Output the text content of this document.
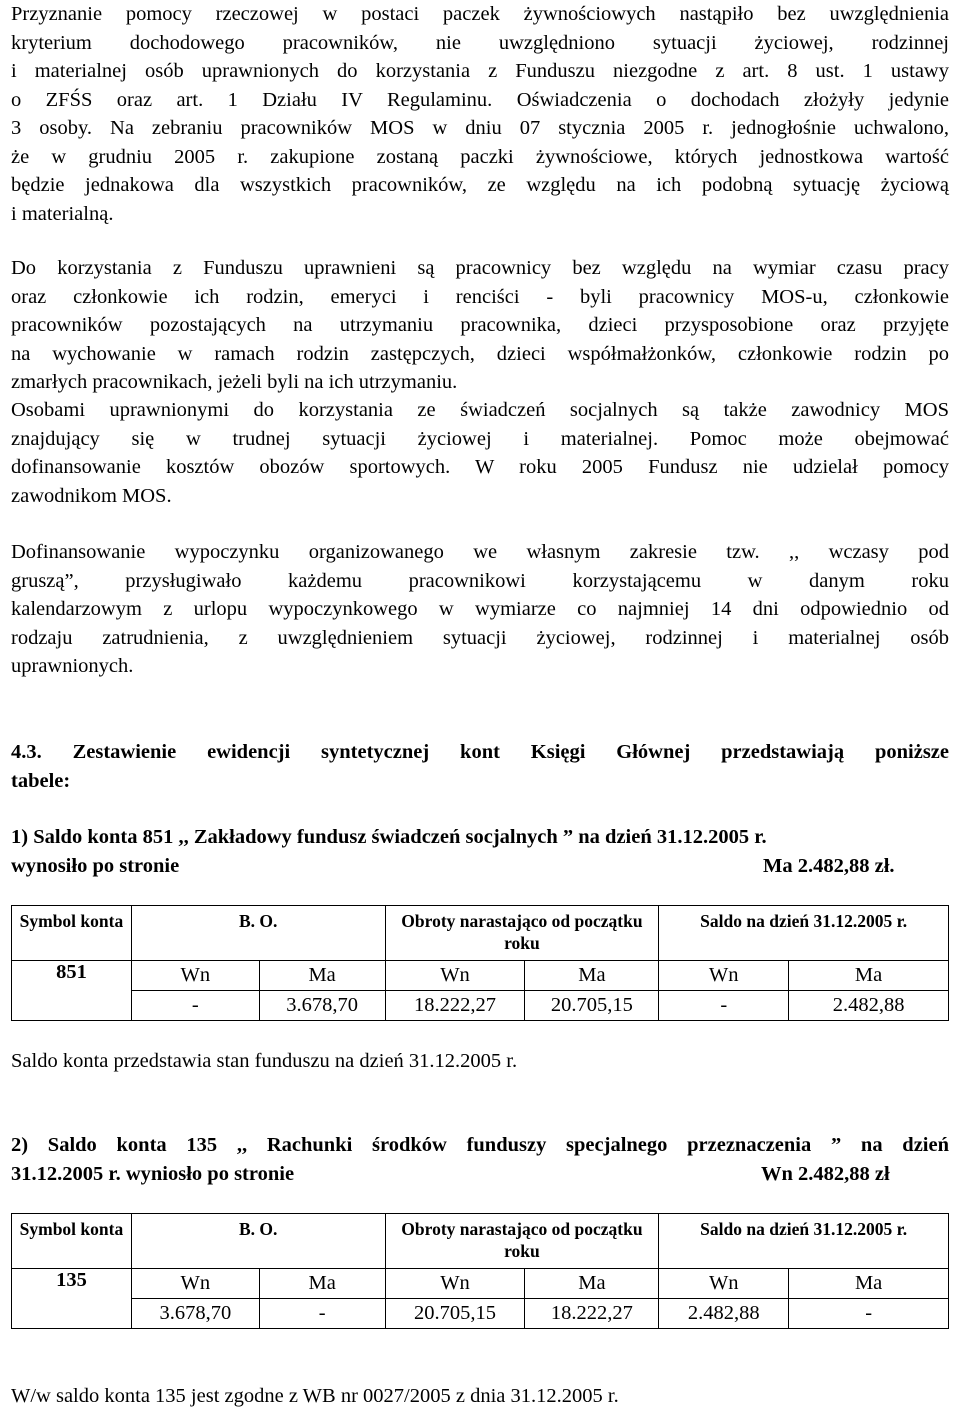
Przyznanie pomocy rzeczowej w postaci paczek żywnościowych nastąpiło bez uwzględnienia
kryterium dochodowego pracowników, nie uwzględniono sytuacji życiowej, rodzinnej
i materialnej osób uprawnionych do korzystania z Funduszu niezgodne z art. 8 ust. 1 ustawy
o ZFŚS oraz art. 1 Działu IV Regulaminu. Oświadczenia o dochodach złożyły jedynie
3 osoby. Na zebraniu pracowników MOS w dniu 07 stycznia 2005 r. jednogłośnie uchwalono,
że w grudniu 2005 r. zakupione zostaną paczki żywnościowe, których jednostkowa wartość
będzie jednakowa dla wszystkich pracowników, ze względu na ich podobną sytuację życiową
i materialną.
Do korzystania z Funduszu uprawnieni są pracownicy bez względu na wymiar czasu pracy
oraz członkowie ich rodzin, emeryci i renciści - byli pracownicy MOS-u, członkowie
pracowników pozostających na utrzymaniu pracownika, dzieci przysposobione oraz przyjęte
na wychowanie w ramach rodzin zastępczych, dzieci współmałżonków, członkowie rodzin po
zmarłych pracownikach, jeżeli byli na ich utrzymaniu.
Osobami uprawnionymi do korzystania ze świadczeń socjalnych są także zawodnicy MOS
znajdujący się w trudnej sytuacji życiowej i materialnej. Pomoc może obejmować
dofinansowanie kosztów obozów sportowych. W roku 2005 Fundusz nie udzielał pomocy
zawodnikom MOS.
Dofinansowanie wypoczynku organizowanego we własnym zakresie tzw. ,, wczasy pod
gruszą”, przysługiwało każdemu pracownikowi korzystającemu w danym roku
kalendarzowym z urlopu wypoczynkowego w wymiarze co najmniej 14 dni odpowiednio od
rodzaju zatrudnienia, z uwzględnieniem sytuacji życiowej, rodzinnej i materialnej osób
uprawnionych.
4.3. Zestawienie ewidencji syntetycznej kont Księgi Głównej przedstawiają poniższe
tabele:
1) Saldo konta 851 ,, Zakładowy fundusz świadczeń socjalnych ” na dzień 31.12.2005 r.
wynosiło po stronie	Ma 2.482,88 zł.
Symbol konta	B. O.		Obroty narastająco od początku roku		Saldo na dzień 31.12.2005 r.	
851	Wn	Ma	Wn	Ma	Wn	Ma
	-	3.678,70	18.222,27	20.705,15	-	2.482,88
Saldo konta przedstawia stan funduszu na dzień 31.12.2005 r.
2) Saldo konta 135 ,, Rachunki środków funduszy specjalnego przeznaczenia ” na dzień
31.12.2005 r. wyniosło po stronie	Wn 2.482,88 zł
Symbol konta	B. O.		Obroty narastająco od początku roku		Saldo na dzień 31.12.2005 r.	
135	Wn	Ma	Wn	Ma	Wn	Ma
	3.678,70	-	20.705,15	18.222,27	2.482,88	-
W/w saldo konta 135 jest zgodne z WB nr 0027/2005 z dnia 31.12.2005 r.
